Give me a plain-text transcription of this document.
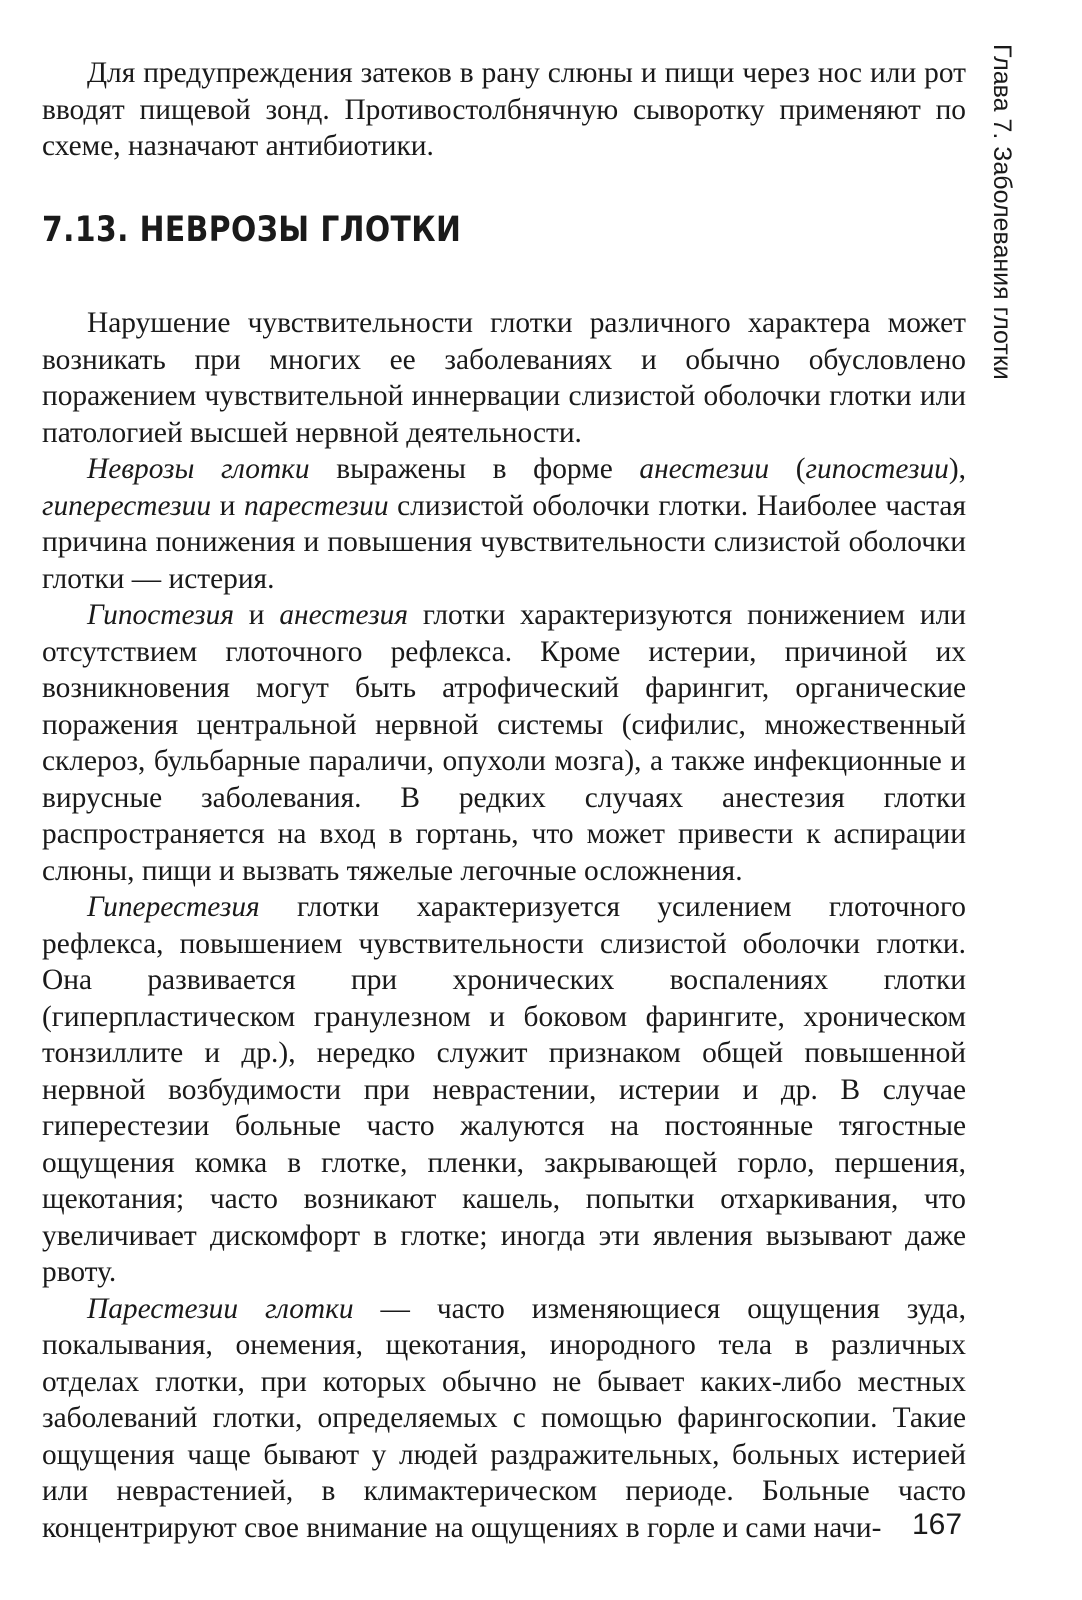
Глава 7. Заболевания глотки

Для предупреждения затеков в рану слюны и пищи через нос или рот вводят пищевой зонд. Противостолбнячную сыворотку применяют по схеме, назначают антибиотики.

7.13. НЕВРОЗЫ ГЛОТКИ

Нарушение чувствительности глотки различного характера может возникать при многих ее заболеваниях и обычно обусловлено поражением чувствительной иннервации слизистой оболочки глотки или патологией высшей нервной деятельности.

Неврозы глотки выражены в форме анестезии (гипостезии), гиперестезии и парестезии слизистой оболочки глотки. Наиболее частая причина понижения и повышения чувствительности слизистой оболочки глотки — истерия.

Гипостезия и анестезия глотки характеризуются понижением или отсутствием глоточного рефлекса. Кроме истерии, причиной их возникновения могут быть атрофический фарингит, органические поражения центральной нервной системы (сифилис, множественный склероз, бульбарные параличи, опухоли мозга), а также инфекционные и вирусные заболевания. В редких случаях анестезия глотки распространяется на вход в гортань, что может привести к аспирации слюны, пищи и вызвать тяжелые легочные осложнения.

Гиперестезия глотки характеризуется усилением глоточного рефлекса, повышением чувствительности слизистой оболочки глотки. Она развивается при хронических воспалениях глотки (гиперпластическом гранулезном и боковом фарингите, хроническом тонзиллите и др.), нередко служит признаком общей повышенной нервной возбудимости при неврастении, истерии и др. В случае гиперестезии больные часто жалуются на постоянные тягостные ощущения комка в глотке, пленки, закрывающей горло, першения, щекотания; часто возникают кашель, попытки отхаркивания, что увеличивает дискомфорт в глотке; иногда эти явления вызывают даже рвоту.

Парестезии глотки — часто изменяющиеся ощущения зуда, покалывания, онемения, щекотания, инородного тела в различных отделах глотки, при которых обычно не бывает каких-либо местных заболеваний глотки, определяемых с помощью фарингоскопии. Такие ощущения чаще бывают у людей раздражительных, больных истерией или неврастенией, в климактерическом периоде. Больные часто концентрируют свое внимание на ощущениях в горле и сами начи-	167
